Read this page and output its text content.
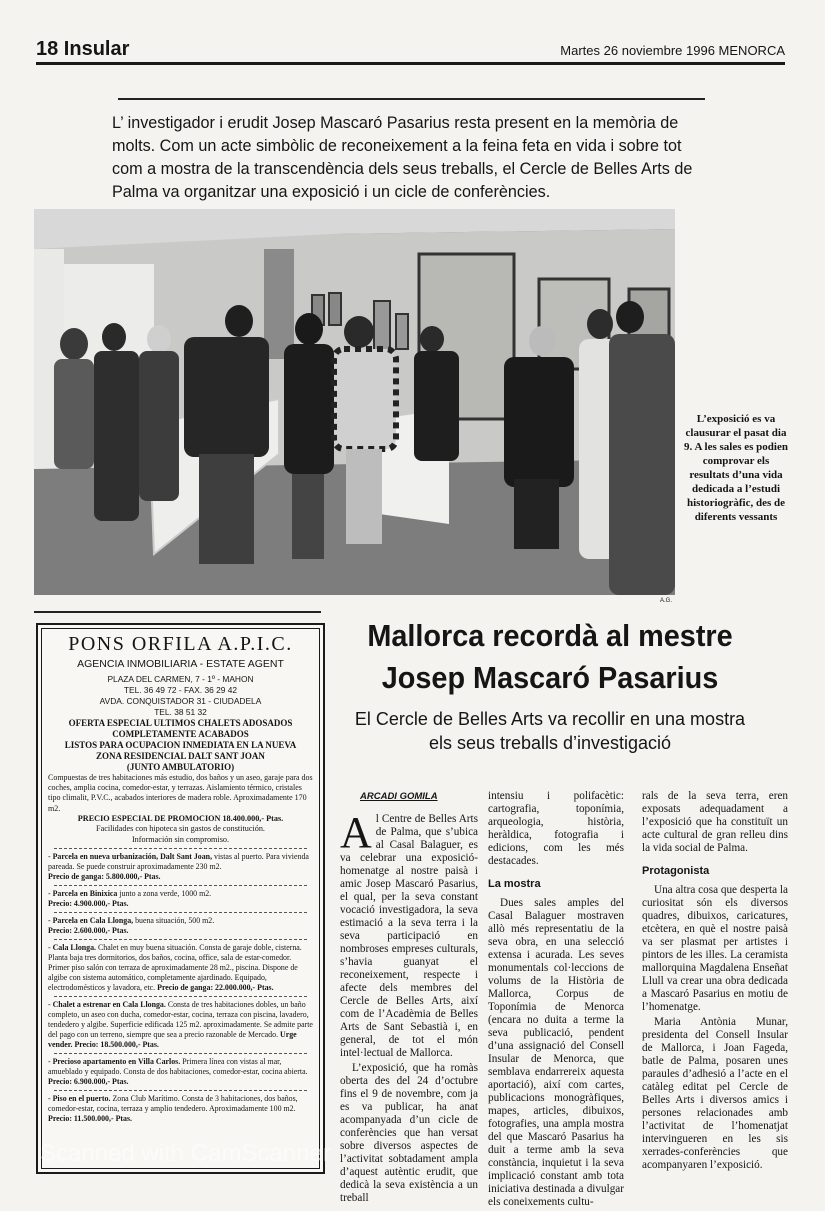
18 Insular	Martes 26 noviembre 1996 MENORCA
L’ investigador i erudit Josep Mascaró Pasarius resta present en la memòria de molts. Com un acte simbòlic de reconeixement a la feina feta en vida i sobre tot com a mostra de la transcendència dels seus treballs, el Cercle de Belles Arts de Palma va organitzar una exposició i un cicle de conferències.
L’exposició es va clausurar el pasat dia 9. A les sales es podien comprovar els resultats d’una vida dedicada a l’estudi historiogràfic, des de diferents vessants
A.G.
PONS ORFILA A.P.I.C.
AGENCIA INMOBILIARIA - ESTATE AGENT
PLAZA DEL CARMEN, 7 - 1º - MAHON
TEL. 36 49 72 - FAX. 36 29 42
AVDA. CONQUISTADOR 31 - CIUDADELA
TEL. 38 51 32
OFERTA ESPECIAL ULTIMOS CHALETS ADOSADOS
COMPLETAMENTE ACABADOS
LISTOS PARA OCUPACION INMEDIATA EN LA NUEVA
ZONA RESIDENCIAL DALT SANT JOAN
(JUNTO AMBULATORIO)
Compuestas de tres habitaciones más estudio, dos baños y un aseo, garaje para dos coches, amplia cocina, comedor-estar, y terrazas. Aislamiento térmico, cristales tipo climalit, P.V.C., acabados interiores de madera roble. Aproximadamente 170 m2.
PRECIO ESPECIAL DE PROMOCION 18.400.000,- Ptas.
Facilidades con hipoteca sin gastos de constitución.
Información sin compromiso.
- Parcela en nueva urbanización, Dalt Sant Joan, vistas al puerto. Para vivienda pareada. Se puede construir aproximadamente 230 m2.
Precio de ganga: 5.800.000,- Ptas.
- Parcela en Binixica junto a zona verde, 1000 m2.
Precio: 4.900.000,- Ptas.
- Parcela en Cala Llonga, buena situación, 500 m2.
Precio: 2.600.000,- Ptas.
- Cala Llonga. Chalet en muy buena situación. Consta de garaje doble, cisterna. Planta baja tres dormitorios, dos baños, cocina, office, sala de estar-comedor. Primer piso salón con terraza de aproximadamente 28 m2., piscina. Dispone de algibe con sistema automático, completamente ajardinado. Equipado, electrodomésticos y lavadora, etc. Precio de ganga: 22.000.000,- Ptas.
- Chalet a estrenar en Cala Llonga. Consta de tres habitaciones dobles, un baño completo, un aseo con ducha, comedor-estar, cocina, terraza con piscina, lavadero, tendedero y algibe. Superficie edificada 125 m2. aproximadamente. Se admite parte del pago con un terreno, siempre que sea a precio razonable de Mercado. Urge vender. Precio: 18.500.000,- Ptas.
- Precioso apartamento en Villa Carlos. Primera línea con vistas al mar, amueblado y equipado. Consta de dos habitaciones, comedor-estar, cocina abierta. Precio: 6.900.000,- Ptas.
- Piso en el puerto. Zona Club Marítimo. Consta de 3 habitaciones, dos baños, comedor-estar, cocina, terraza y amplio tendedero. Aproximadamente 100 m2. Precio: 11.500.000,- Ptas.
Mallorca recordà al mestre
Josep Mascaró Pasarius
El Cercle de Belles Arts va recollir en una mostra els seus treballs d’investigació
ARCADI GOMILA

Al Centre de Belles Arts de Palma, que s’ubica al Casal Balaguer, es va celebrar una exposició-homenatge al nostre paisà i amic Josep Mascaró Pasarius, el qual, per la seva constant vocació investigadora, la seva estimació a la seva terra i la seva participació en nombroses empreses culturals, s’havia guanyat el reconeixement, respecte i afecte dels membres del Cercle de Belles Arts, així com de l’Acadèmia de Belles Arts de Sant Sebastià i, en general, de tot el món intel·lectual de Mallorca.

L’exposició, que ha romàs oberta des del 24 d’octubre fins el 9 de novembre, com ja es va publicar, ha anat acompanyada d’un cicle de conferències que han versat sobre diversos aspectes de l’activitat sobtadament ampla d’aquest autèntic erudit, que dedicà la seva existència a un treball

intensiu i polifacètic: cartografia, toponímia, arqueologia, història, heràldica, fotografia i edicions, com les més destacades.

La mostra

Dues sales amples del Casal Balaguer mostraven allò més representatiu de la seva obra, en una selecció extensa i acurada. Les seves monumentals col·leccions de volums de la Història de Mallorca, Corpus de Toponímia de Menorca (encara no duita a terme la seva publicació, pendent d’una assignació del Consell Insular de Menorca, que semblava endarrereix aquesta aportació), així com cartes, publicacions monogràfiques, mapes, articles, dibuixos, fotografies, una ampla mostra del que Mascaró Pasarius ha duit a terme amb la seva constància, inquietut i la seva implicació constant amb tota iniciativa destinada a divulgar els coneixements cultu-

rals de la seva terra, eren exposats adequadament a l’exposició que ha constituït un acte cultural de gran relleu dins la vida social de Palma.

Protagonista

Una altra cosa que desperta la curiositat són els diversos quadres, dibuixos, caricatures, etcètera, en què el nostre paisà va ser plasmat per artistes i pintors de les illes. La ceramista mallorquina Magdalena Enseñat Llull va crear una obra dedicada a Mascaró Pasarius en motiu de l’homenatge.

Maria Antònia Munar, presidenta del Consell Insular de Mallorca, i Joan Fageda, batle de Palma, posaren unes paraules d’adhesió a l’acte en el catàleg editat pel Cercle de Belles Arts i diversos amics i persones relacionades amb l’activitat de l’homenatjat intervingueren en les sis xerrades-conferències que acompanyaren l’exposició.

Scanned with CamScanner
